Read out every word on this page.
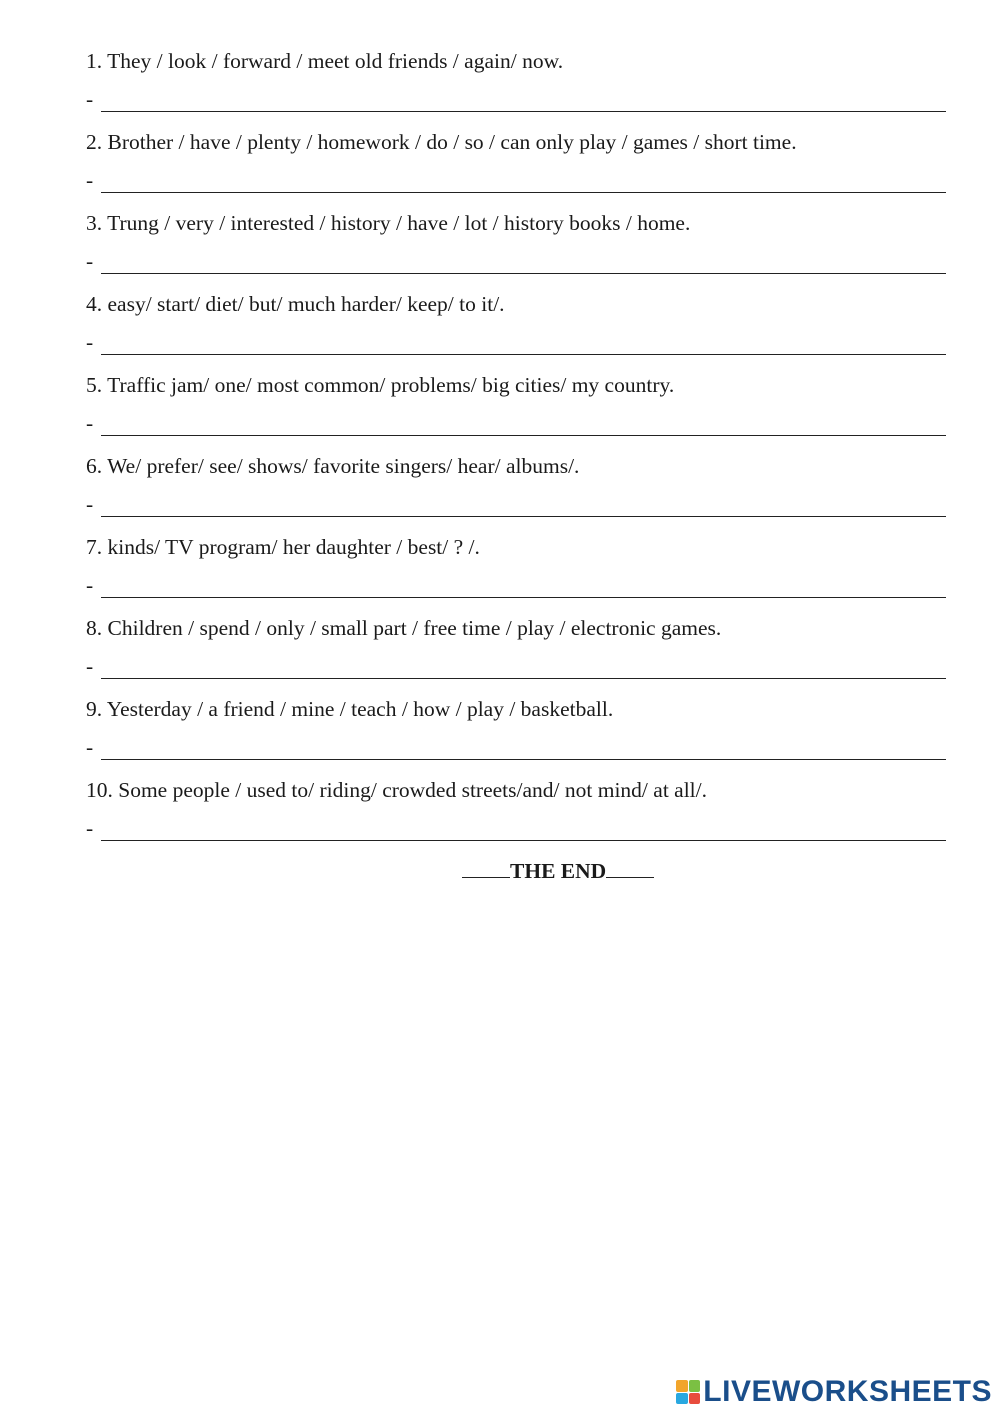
1. They / look / forward / meet old friends / again/ now.
-
2. Brother / have / plenty / homework / do / so / can only play / games / short time.
-
3. Trung / very / interested / history / have / lot / history books / home.
-
4. easy/ start/ diet/ but/ much harder/ keep/ to it/.
-
5. Traffic jam/ one/ most common/ problems/ big cities/ my country.
-
6. We/ prefer/ see/ shows/ favorite singers/ hear/ albums/.
-
7. kinds/ TV program/ her daughter / best/ ? /.
-
8. Children / spend / only / small part / free time / play / electronic games.
-
9. Yesterday / a friend / mine / teach / how / play / basketball.
-
10. Some people / used to/ riding/ crowded streets/and/ not mind/ at all/.
-
THE END
LIVEWORKSHEETS
